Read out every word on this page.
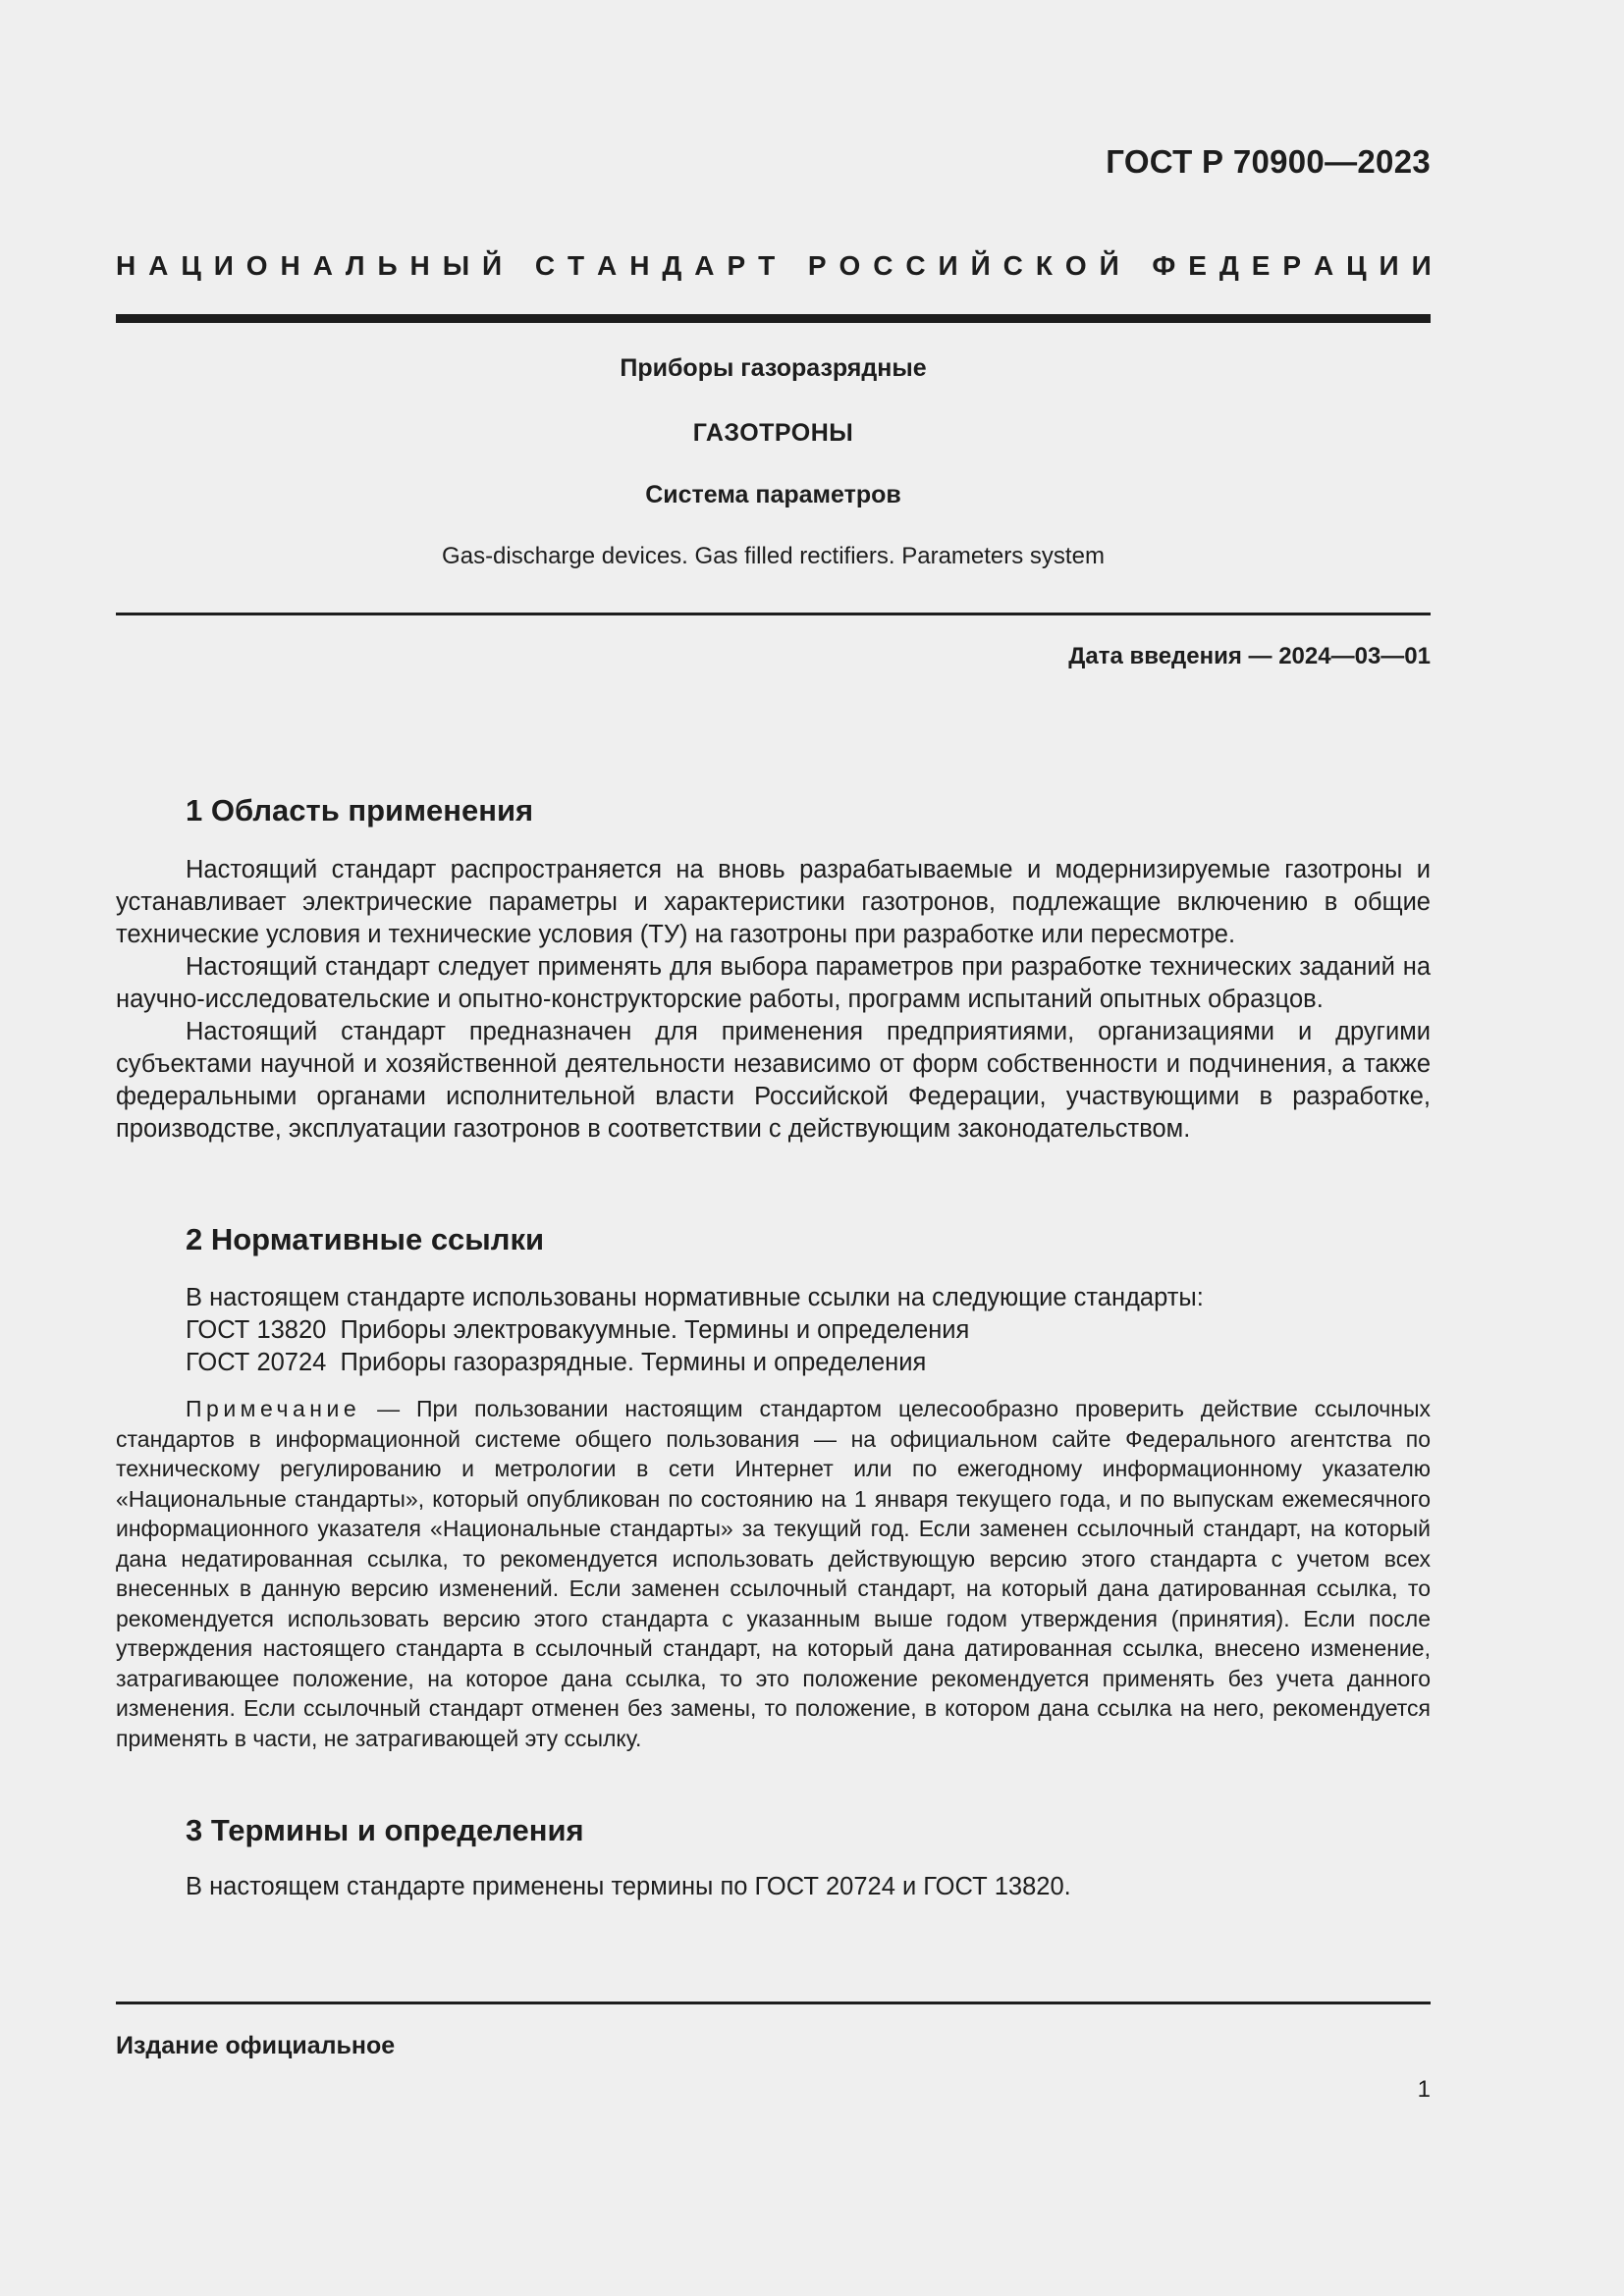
ГОСТ Р 70900—2023
Н А Ц И О Н А Л Ь Н Ы Й
С Т А Н Д А Р Т
Р О С С И Й С К О Й
Ф Е Д Е Р А Ц И И
Приборы газоразрядные
ГАЗОТРОНЫ
Система параметров
Gas-discharge devices. Gas filled rectifiers. Parameters system
Дата введения — 2024—03—01
1 Область применения

Настоящий стандарт распространяется на вновь разрабатываемые и модернизируемые газотроны и устанавливает электрические параметры и характеристики газотронов, подлежащие включению в общие технические условия и технические условия (ТУ) на газотроны при разработке или пересмотре.

Настоящий стандарт следует применять для выбора параметров при разработке технических заданий на научно-исследовательские и опытно-конструкторские работы, программ испытаний опытных образцов.

Настоящий стандарт предназначен для применения предприятиями, организациями и другими субъектами научной и хозяйственной деятельности независимо от форм собственности и подчинения, а также федеральными органами исполнительной власти Российской Федерации, участвующими в разработке, производстве, эксплуатации газотронов в соответствии с действующим законодательством.

2 Нормативные ссылки
В настоящем стандарте использованы нормативные ссылки на следующие стандарты:
ГОСТ 13820  Приборы электровакуумные. Термины и определения
ГОСТ 20724  Приборы газоразрядные. Термины и определения

Примечание — При пользовании настоящим стандартом целесообразно проверить действие ссылочных стандартов в информационной системе общего пользования — на официальном сайте Федерального агентства по техническому регулированию и метрологии в сети Интернет или по ежегодному информационному указателю «Национальные стандарты», который опубликован по состоянию на 1 января текущего года, и по выпускам ежемесячного информационного указателя «Национальные стандарты» за текущий год. Если заменен ссылочный стандарт, на который дана недатированная ссылка, то рекомендуется использовать действующую версию этого стандарта с учетом всех внесенных в данную версию изменений. Если заменен ссылочный стандарт, на который дана датированная ссылка, то рекомендуется использовать версию этого стандарта с указанным выше годом утверждения (принятия). Если после утверждения настоящего стандарта в ссылочный стандарт, на который дана датированная ссылка, внесено изменение, затрагивающее положение, на которое дана ссылка, то это положение рекомендуется применять без учета данного изменения. Если ссылочный стандарт отменен без замены, то положение, в котором дана ссылка на него, рекомендуется применять в части, не затрагивающей эту ссылку.

3 Термины и определения
В настоящем стандарте применены термины по ГОСТ 20724 и ГОСТ 13820.
Издание официальное
1
